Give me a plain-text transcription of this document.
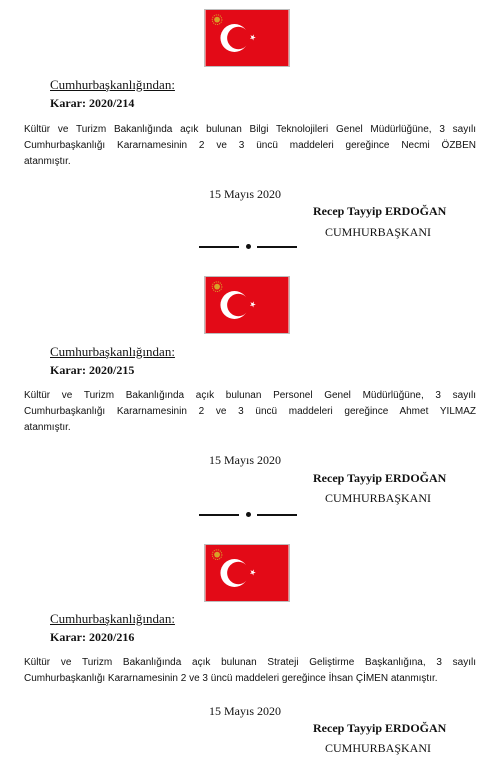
Cumhurbaşkanlığından:
Karar: 2020/214
Kültür ve Turizm Bakanlığında açık bulunan Bilgi Teknolojileri Genel Müdürlüğüne, 3 sayılı
Cumhurbaşkanlığı Kararnamesinin 2 ve 3 üncü maddeleri gereğince Necmi ÖZBEN
atanmıştır.
15 Mayıs 2020
Recep Tayyip ERDOĞAN
CUMHURBAŞKANI
Cumhurbaşkanlığından:
Karar: 2020/215
Kültür ve Turizm Bakanlığında açık bulunan Personel Genel Müdürlüğüne, 3 sayılı
Cumhurbaşkanlığı Kararnamesinin 2 ve 3 üncü maddeleri gereğince Ahmet YILMAZ
atanmıştır.
15 Mayıs 2020
Recep Tayyip ERDOĞAN
CUMHURBAŞKANI
Cumhurbaşkanlığından:
Karar: 2020/216
Kültür ve Turizm Bakanlığında açık bulunan Strateji Geliştirme Başkanlığına, 3 sayılı
Cumhurbaşkanlığı Kararnamesinin 2 ve 3 üncü maddeleri gereğince İhsan ÇİMEN atanmıştır.
15 Mayıs 2020
Recep Tayyip ERDOĞAN
CUMHURBAŞKANI
